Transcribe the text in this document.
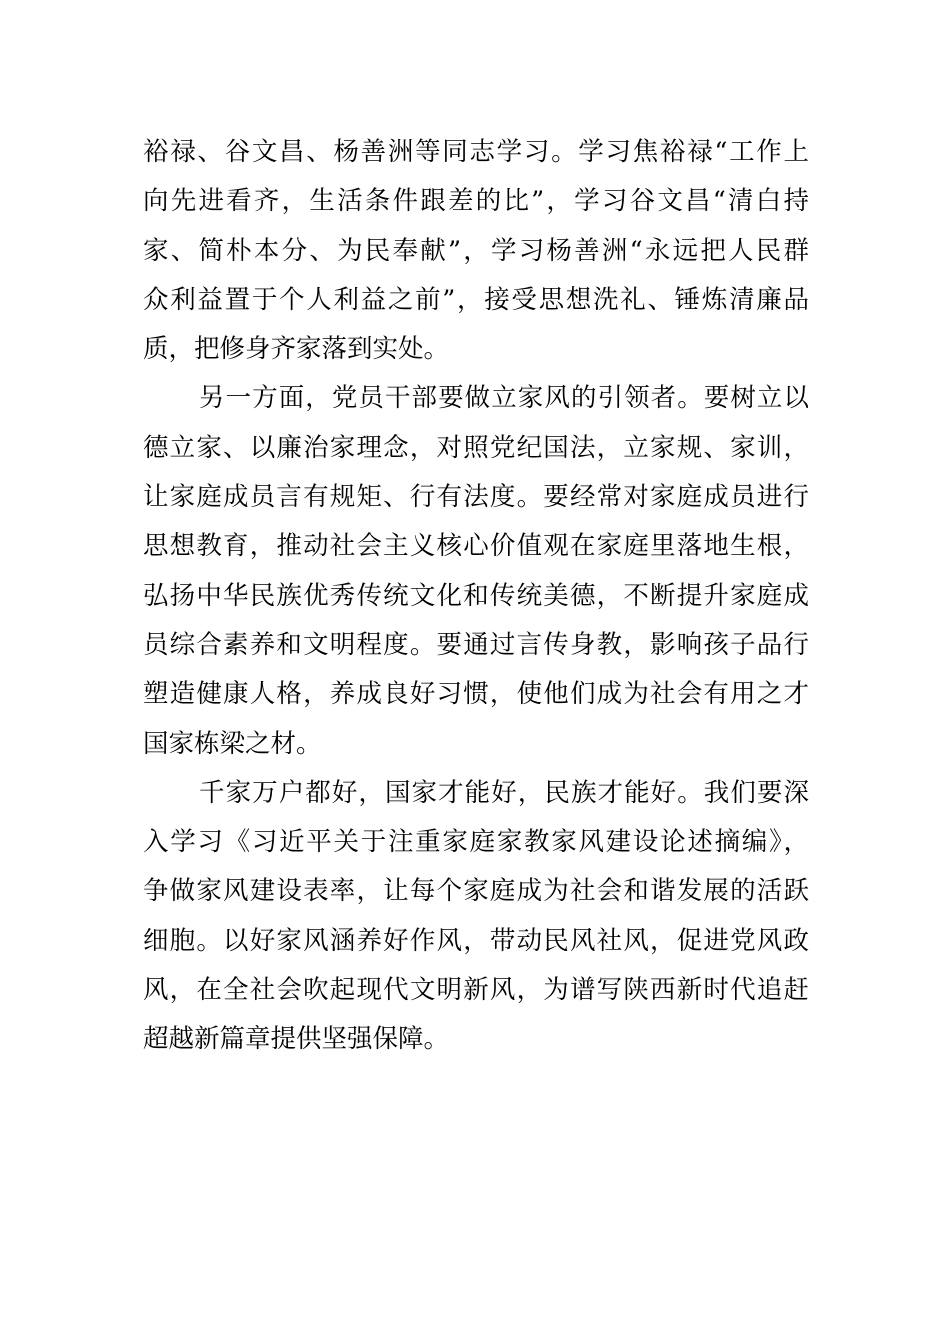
裕禄、谷文昌、杨善洲等同志学习。学习焦裕禄“工作上
向先进看齐，生活条件跟差的比”，学习谷文昌“清白持
家、简朴本分、为民奉献”，学习杨善洲“永远把人民群
众利益置于个人利益之前”，接受思想洗礼、锤炼清廉品
质，把修身齐家落到实处。
另一方面，党员干部要做立家风的引领者。要树立以
德立家、以廉治家理念，对照党纪国法，立家规、家训，
让家庭成员言有规矩、行有法度。要经常对家庭成员进行
思想教育，推动社会主义核心价值观在家庭里落地生根，
弘扬中华民族优秀传统文化和传统美德，不断提升家庭成
员综合素养和文明程度。要通过言传身教，影响孩子品行
塑造健康人格，养成良好习惯，使他们成为社会有用之才
国家栋梁之材。
千家万户都好，国家才能好，民族才能好。我们要深
入学习《习近平关于注重家庭家教家风建设论述摘编》，
争做家风建设表率，让每个家庭成为社会和谐发展的活跃
细胞。以好家风涵养好作风，带动民风社风，促进党风政
风，在全社会吹起现代文明新风，为谱写陕西新时代追赶
超越新篇章提供坚强保障。
